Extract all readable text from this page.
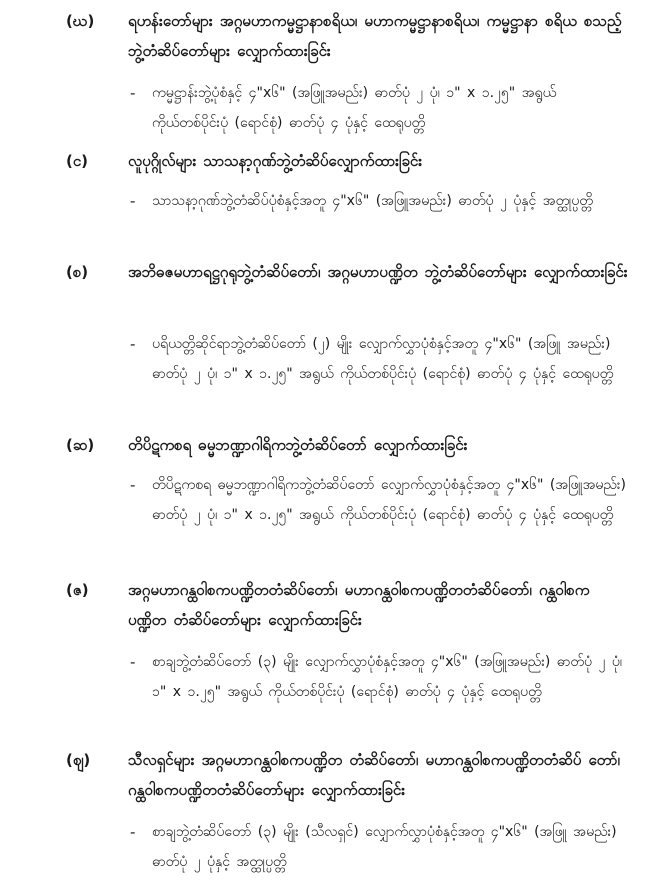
(ဃ) ရဟန်းတော်များ အဂ္ဂမဟာကမ္မဋ္ဌာနာစရိယ၊ မဟာကမ္မဋ္ဌာနာစရိယ၊ ကမ္မဋ္ဌာနာ စရိယ စသည့် ဘွဲ့တံဆိပ်တော်များ လျှောက်ထားခြင်း
- ကမ္မဋ္ဌာန်းဘွဲ့ပုံစံနှင့် ၄"x၆" (အဖြူအမည်း) ဓာတ်ပုံ ၂ ပုံ၊ ၁" x ၁.၂၅" အရွယ် ကိုယ်တစ်ပိုင်းပုံ (ရောင်စုံ) ဓာတ်ပုံ ၄ ပုံနှင့် ထေရုပတ္တိ
(င)	လူပုဂ္ဂိုလ်များ သာသနာ့ဂုဏ်ဘွဲ့တံဆိပ်လျှောက်ထားခြင်း
- သာသနာ့ဂုဏ်ဘွဲ့တံဆိပ်ပုံစံနှင့်အတူ ၄"x၆" (အဖြူအမည်း) ဓာတ်ပုံ ၂ ပုံနှင့် အတ္ထုပ္ပတ္တိ
(စ)	အဘိဓဇမဟာရဋ္ဌဂုရုဘွဲ့တံဆိပ်တော်၊ အဂ္ဂမဟာပဏ္ဍိတ ဘွဲ့တံဆိပ်တော်များ လျှောက်ထားခြင်း
- ပရိယတ္တိဆိုင်ရာဘွဲ့တံဆိပ်တော် (၂) မျိုး လျှောက်လွှာပုံစံနှင့်အတူ ၄"x၆" (အဖြူ အမည်း) ဓာတ်ပုံ ၂ ပုံ၊ ၁" x ၁.၂၅" အရွယ် ကိုယ်တစ်ပိုင်းပုံ (ရောင်စုံ) ဓာတ်ပုံ ၄ ပုံနှင့် ထေရုပတ္တိ
(ဆ) တိပိဋကစရ ဓမ္မဘဏ္ဍာဂါရိကဘွဲ့တံဆိပ်တော် လျှောက်ထားခြင်း
- တိပိဋကစရ ဓမ္မဘဏ္ဍာဂါရိကဘွဲ့တံဆိပ်တော် လျှောက်လွှာပုံစံနှင့်အတူ ၄"x၆" (အဖြူအမည်း) ဓာတ်ပုံ ၂ ပုံ၊ ၁" x ၁.၂၅" အရွယ် ကိုယ်တစ်ပိုင်းပုံ (ရောင်စုံ) ဓာတ်ပုံ ၄ ပုံနှင့် ထေရုပတ္တိ
(ဇ)	အဂ္ဂမဟာဂန္ထဝါစကပဏ္ဍိတတံဆိပ်တော်၊ မဟာဂန္ထဝါစကပဏ္ဍိတတံဆိပ်တော်၊ ဂန္ထဝါစက ပဏ္ဍိတ တံဆိပ်တော်များ လျှောက်ထားခြင်း
- စာချဘွဲ့တံဆိပ်တော် (၃) မျိုး လျှောက်လွှာပုံစံနှင့်အတူ ၄"x၆" (အဖြူအမည်း) ဓာတ်ပုံ ၂ ပုံ၊ ၁" x ၁.၂၅" အရွယ် ကိုယ်တစ်ပိုင်းပုံ (ရောင်စုံ) ဓာတ်ပုံ ၄ ပုံနှင့် ထေရုပတ္တိ
(ဈ)	သီလရှင်များ အဂ္ဂမဟာဂန္ထဝါစကပဏ္ဍိတ တံဆိပ်တော်၊ မဟာဂန္ထဝါစကပဏ္ဍိတတံဆိပ် တော်၊ ဂန္ထဝါစကပဏ္ဍိတတံဆိပ်တော်များ လျှောက်ထားခြင်း
- စာချဘွဲ့တံဆိပ်တော် (၃) မျိုး (သီလရှင်) လျှောက်လွှာပုံစံနှင့်အတူ ၄"x၆" (အဖြူ အမည်း) ဓာတ်ပုံ ၂ ပုံနှင့် အတ္ထုပ္ပတ္တိ
